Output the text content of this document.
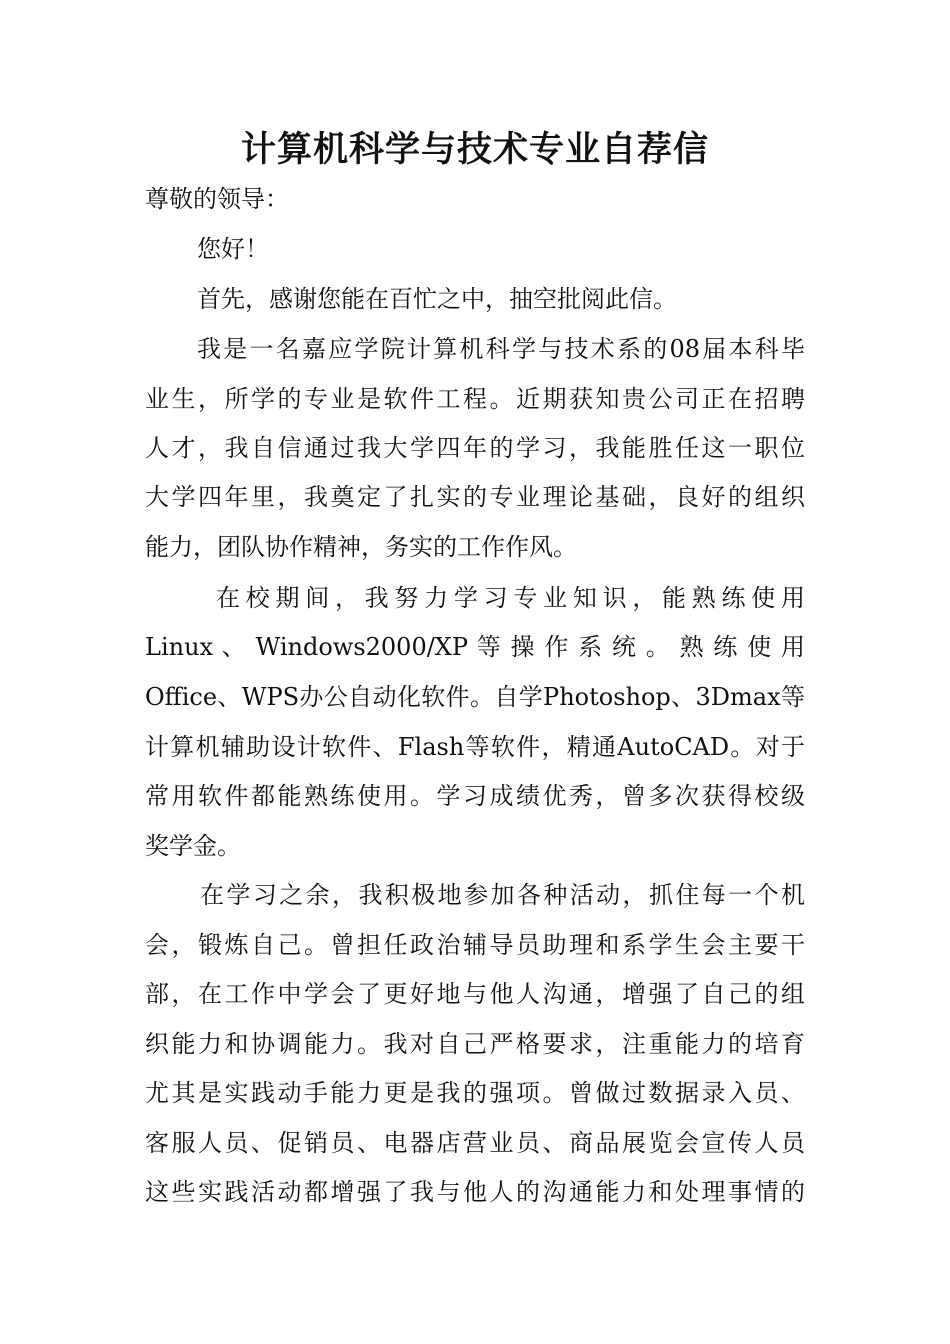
计算机科学与技术专业自荐信
尊敬的领导：
您好！
首先，感谢您能在百忙之中，抽空批阅此信。
我是一名嘉应学院计算机科学与技术系的08届本科毕
业生，所学的专业是软件工程。近期获知贵公司正在招聘
人才，我自信通过我大学四年的学习，我能胜任这一职位
大学四年里，我奠定了扎实的专业理论基础，良好的组织
能力，团队协作精神，务实的工作作风。
在校期间，我努力学习专业知识，能熟练使用
Linux 、 Windows2000/XP 等 操 作 系 统 。 熟 练 使 用
Office、WPS办公自动化软件。自学Photoshop、3Dmax等
计算机辅助设计软件、Flash等软件，精通AutoCAD。对于
常用软件都能熟练使用。学习成绩优秀，曾多次获得校级
奖学金。
在学习之余，我积极地参加各种活动，抓住每一个机
会，锻炼自己。曾担任政治辅导员助理和系学生会主要干
部，在工作中学会了更好地与他人沟通，增强了自己的组
织能力和协调能力。我对自己严格要求，注重能力的培育
尤其是实践动手能力更是我的强项。曾做过数据录入员、
客服人员、促销员、电器店营业员、商品展览会宣传人员
这些实践活动都增强了我与他人的沟通能力和处理事情的
